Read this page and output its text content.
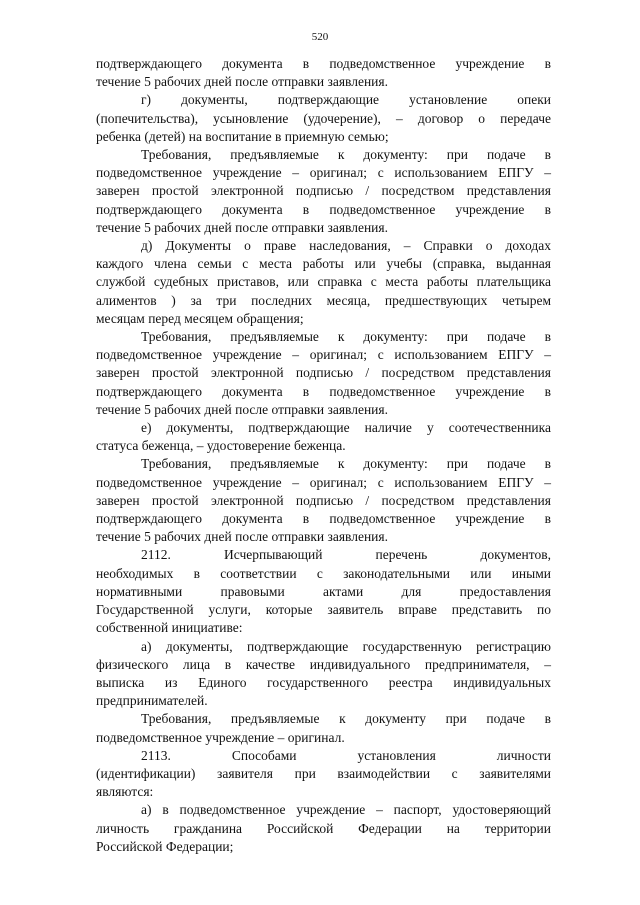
520

подтверждающего документа в подведомственное учреждение в

течение 5 рабочих дней после отправки заявления.

г) документы, подтверждающие установление опеки

(попечительства), усыновление (удочерение), – договор о передаче

ребенка (детей) на воспитание в приемную семью;

Требования, предъявляемые к документу: при подаче в

подведомственное учреждение – оригинал; с использованием ЕПГУ –

заверен простой электронной подписью / посредством представления

подтверждающего документа в подведомственное учреждение в

течение 5 рабочих дней после отправки заявления.

д) Документы о праве наследования, – Справки о доходах

каждого члена семьи с места работы или учебы (справка, выданная

службой судебных приставов, или справка с места работы плательщика

алиментов ) за три последних месяца, предшествующих четырем

месяцам перед месяцем обращения;

Требования, предъявляемые к документу: при подаче в

подведомственное учреждение – оригинал; с использованием ЕПГУ –

заверен простой электронной подписью / посредством представления

подтверждающего документа в подведомственное учреждение в

течение 5 рабочих дней после отправки заявления.

е) документы, подтверждающие наличие у соотечественника

статуса беженца, – удостоверение беженца.

Требования, предъявляемые к документу: при подаче в

подведомственное учреждение – оригинал; с использованием ЕПГУ –

заверен простой электронной подписью / посредством представления

подтверждающего документа в подведомственное учреждение в

течение 5 рабочих дней после отправки заявления.

2112. Исчерпывающий перечень документов,

необходимых в соответствии с законодательными или иными

нормативными правовыми актами для предоставления

Государственной услуги, которые заявитель вправе представить по

собственной инициативе:

а) документы, подтверждающие государственную регистрацию

физического лица в качестве индивидуального предпринимателя, –

выписка из Единого государственного реестра индивидуальных

предпринимателей.

Требования, предъявляемые к документу при подаче в

подведомственное учреждение – оригинал.

2113. Способами установления личности

(идентификации) заявителя при взаимодействии с заявителями

являются:

а) в подведомственное учреждение – паспорт, удостоверяющий

личность гражданина Российской Федерации на территории

Российской Федерации;
